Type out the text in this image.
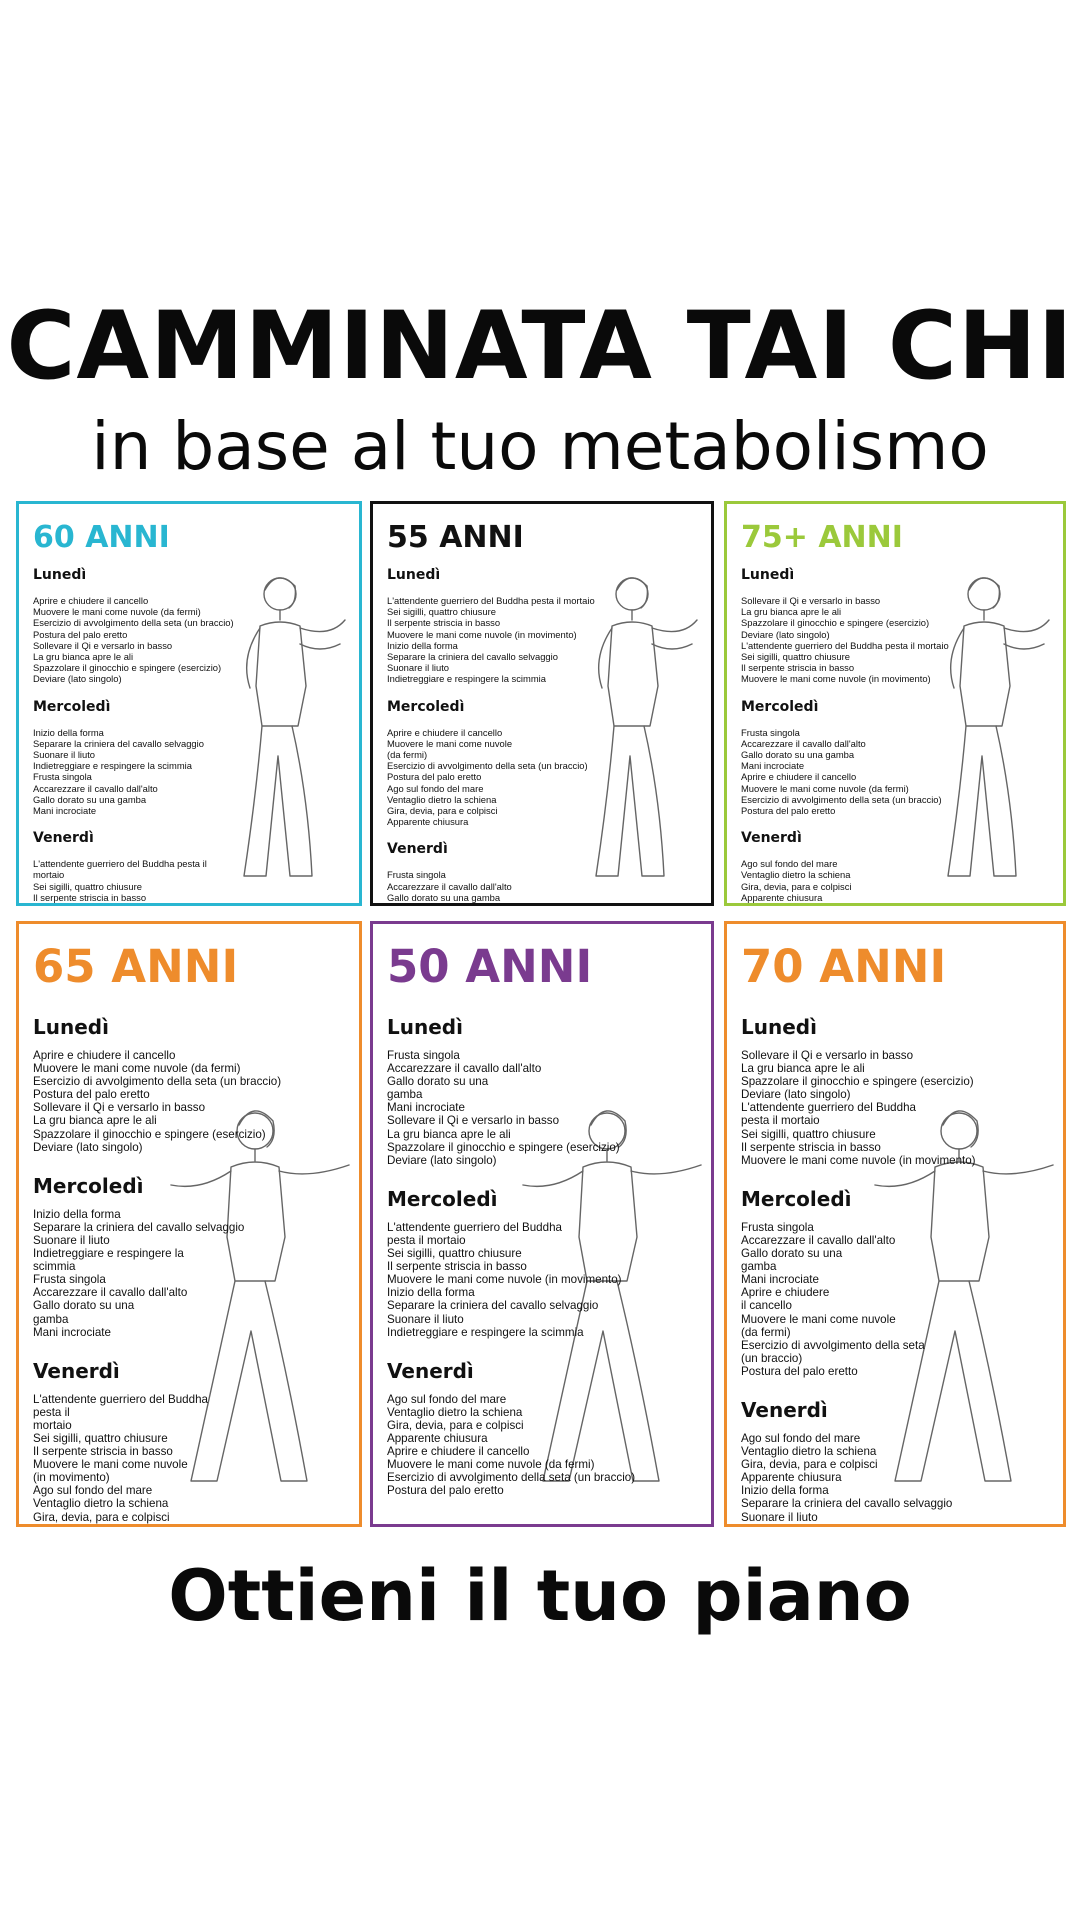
CAMMINATA TAI CHI
in base al tuo metabolismo
60 ANNI
Lunedì
Aprire e chiudere il cancello
Muovere le mani come nuvole (da fermi)
Esercizio di avvolgimento della seta (un braccio)
Postura del palo eretto
Sollevare il Qi e versarlo in basso
La gru bianca apre le ali
Spazzolare il ginocchio e spingere (esercizio)
Deviare (lato singolo)
Mercoledì
Inizio della forma
Separare la criniera del cavallo selvaggio
Suonare il liuto
Indietreggiare e respingere la scimmia
Frusta singola
Accarezzare il cavallo dall'alto
Gallo dorato su una gamba
Mani incrociate
Venerdì
L'attendente guerriero del Buddha pesta il
mortaio
Sei sigilli, quattro chiusure
Il serpente striscia in basso
55 ANNI
Lunedì
L'attendente guerriero del Buddha pesta il mortaio
Sei sigilli, quattro chiusure
Il serpente striscia in basso
Muovere le mani come nuvole (in movimento)
Inizio della forma
Separare la criniera del cavallo selvaggio
Suonare il liuto
Indietreggiare e respingere la scimmia
Mercoledì
Aprire e chiudere il cancello
Muovere le mani come nuvole
(da fermi)
Esercizio di avvolgimento della seta (un braccio)
Postura del palo eretto
Ago sul fondo del mare
Ventaglio dietro la schiena
Gira, devia, para e colpisci
Apparente chiusura
Venerdì
Frusta singola
Accarezzare il cavallo dall'alto
Gallo dorato su una gamba
75+ ANNI
Lunedì
Sollevare il Qi e versarlo in basso
La gru bianca apre le ali
Spazzolare il ginocchio e spingere (esercizio)
Deviare (lato singolo)
L'attendente guerriero del Buddha pesta il mortaio
Sei sigilli, quattro chiusure
Il serpente striscia in basso
Muovere le mani come nuvole (in movimento)
Mercoledì
Frusta singola
Accarezzare il cavallo dall'alto
Gallo dorato su una gamba
Mani incrociate
Aprire e chiudere il cancello
Muovere le mani come nuvole (da fermi)
Esercizio di avvolgimento della seta (un braccio)
Postura del palo eretto
Venerdì
Ago sul fondo del mare
Ventaglio dietro la schiena
Gira, devia, para e colpisci
Apparente chiusura
65 ANNI
Lunedì
Aprire e chiudere il cancello
Muovere le mani come nuvole (da fermi)
Esercizio di avvolgimento della seta (un braccio)
Postura del palo eretto
Sollevare il Qi e versarlo in basso
La gru bianca apre le ali
Spazzolare il ginocchio e spingere (esercizio)
Deviare (lato singolo)
Mercoledì
Inizio della forma
Separare la criniera del cavallo selvaggio
Suonare il liuto
Indietreggiare e respingere la
scimmia
Frusta singola
Accarezzare il cavallo dall'alto
Gallo dorato su una
gamba
Mani incrociate
Venerdì
L'attendente guerriero del Buddha
pesta il
mortaio
Sei sigilli, quattro chiusure
Il serpente striscia in basso
Muovere le mani come nuvole
(in movimento)
Ago sul fondo del mare
Ventaglio dietro la schiena
Gira, devia, para e colpisci
50 ANNI
Lunedì
Frusta singola
Accarezzare il cavallo dall'alto
Gallo dorato su una
gamba
Mani incrociate
Sollevare il Qi e versarlo in basso
La gru bianca apre le ali
Spazzolare il ginocchio e spingere (esercizio)
Deviare (lato singolo)
Mercoledì
L'attendente guerriero del Buddha
pesta il mortaio
Sei sigilli, quattro chiusure
Il serpente striscia in basso
Muovere le mani come nuvole (in movimento)
Inizio della forma
Separare la criniera del cavallo selvaggio
Suonare il liuto
Indietreggiare e respingere la scimmia
Venerdì
Ago sul fondo del mare
Ventaglio dietro la schiena
Gira, devia, para e colpisci
Apparente chiusura
Aprire e chiudere il cancello
Muovere le mani come nuvole (da fermi)
Esercizio di avvolgimento della seta (un braccio)
Postura del palo eretto
70 ANNI
Lunedì
Sollevare il Qi e versarlo in basso
La gru bianca apre le ali
Spazzolare il ginocchio e spingere (esercizio)
Deviare (lato singolo)
L'attendente guerriero del Buddha
pesta il mortaio
Sei sigilli, quattro chiusure
Il serpente striscia in basso
Muovere le mani come nuvole (in movimento)
Mercoledì
Frusta singola
Accarezzare il cavallo dall'alto
Gallo dorato su una
gamba
Mani incrociate
Aprire e chiudere
il cancello
Muovere le mani come nuvole
(da fermi)
Esercizio di avvolgimento della seta
(un braccio)
Postura del palo eretto
Venerdì
Ago sul fondo del mare
Ventaglio dietro la schiena
Gira, devia, para e colpisci
Apparente chiusura
Inizio della forma
Separare la criniera del cavallo selvaggio
Suonare il liuto
Ottieni il tuo piano
